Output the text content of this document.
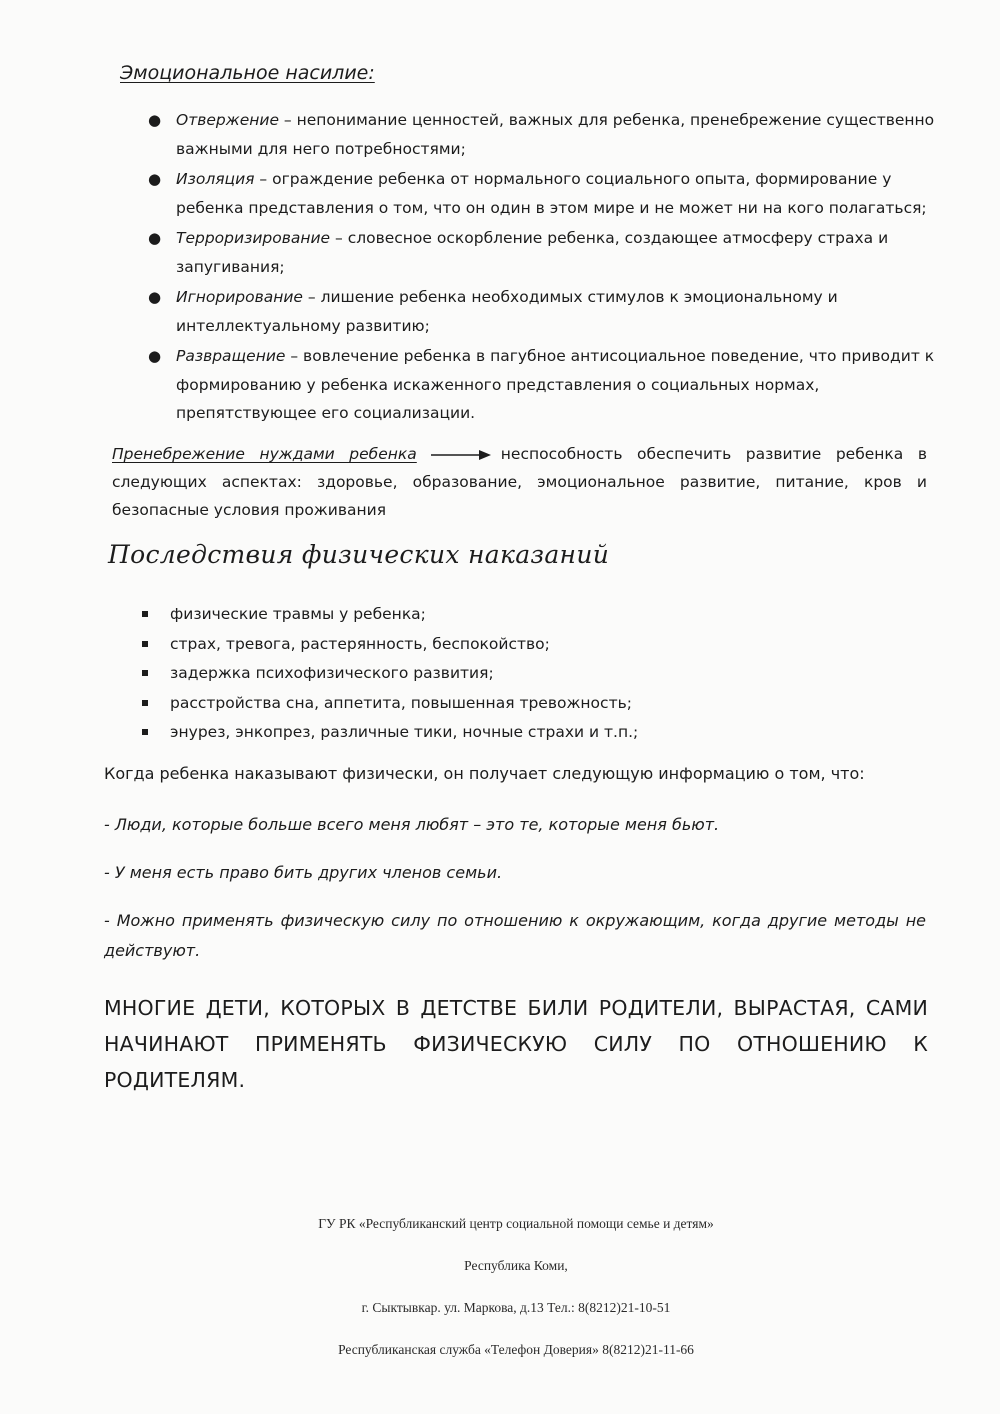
Эмоциональное насилие:
● Отвержение – непонимание ценностей, важных для ребенка, пренебрежение существенно важными для него потребностями;
● Изоляция – ограждение ребенка от нормального социального опыта, формирование у ребенка представления о том, что он один в этом мире и не может ни на кого полагаться;
● Терроризирование – словесное оскорбление ребенка, создающее атмосферу страха и запугивания;
● Игнорирование – лишение ребенка необходимых стимулов к эмоциональному и интеллектуальному развитию;
● Развращение – вовлечение ребенка в пагубное антисоциальное поведение, что приводит к формированию у ребенка искаженного представления о социальных нормах, препятствующее его социализации.
Пренебрежение нуждами ребенка	неспособность обеспечить развитие ребенка в следующих аспектах: здоровье, образование, эмоциональное развитие, питание, кров и безопасные условия проживания
Последствия физических наказаний
физические травмы у ребенка;
страх, тревога, растерянность, беспокойство;
задержка психофизического развития;
расстройства сна, аппетита, повышенная тревожность;
энурез, энкопрез, различные тики, ночные страхи и т.п.;
Когда ребенка наказывают физически, он получает следующую информацию о том, что:
- Люди, которые больше всего меня любят – это те, которые меня бьют.
- У меня есть право бить других членов семьи.
- Можно применять физическую силу по отношению к окружающим, когда другие методы не действуют.
МНОГИЕ ДЕТИ, КОТОРЫХ В ДЕТСТВЕ БИЛИ РОДИТЕЛИ, ВЫРАСТАЯ, САМИ НАЧИНАЮТ ПРИМЕНЯТЬ ФИЗИЧЕСКУЮ СИЛУ ПО ОТНОШЕНИЮ К РОДИТЕЛЯМ.
ГУ РК «Республиканский центр социальной помощи семье и детям»
Республика Коми,
г. Сыктывкар. ул. Маркова, д.13 Тел.: 8(8212)21-10-51
Республиканская служба «Телефон Доверия» 8(8212)21-11-66
